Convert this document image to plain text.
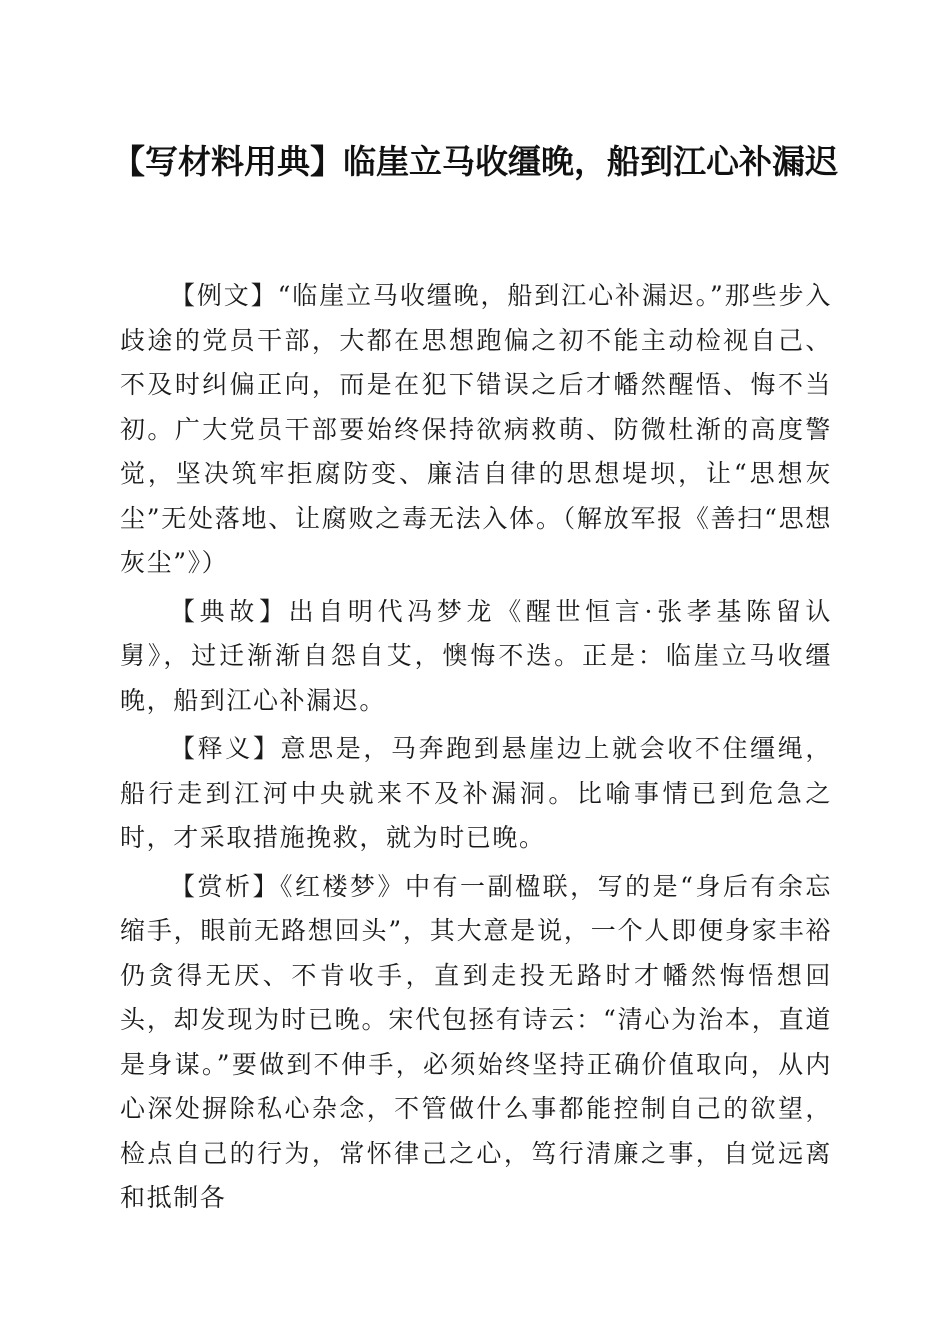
【写材料用典】临崖立马收缰晚，船到江心补漏迟

【例文】“临崖立马收缰晚，船到江心补漏迟。”那些步入歧途的党员干部，大都在思想跑偏之初不能主动检视自己、不及时纠偏正向，而是在犯下错误之后才幡然醒悟、悔不当初。广大党员干部要始终保持欲病救萌、防微杜渐的高度警觉，坚决筑牢拒腐防变、廉洁自律的思想堤坝，让“思想灰尘”无处落地、让腐败之毒无法入体。（解放军报《善扫“思想灰尘”》）

【典故】出自明代冯梦龙《醒世恒言·张孝基陈留认舅》，过迁渐渐自怨自艾，懊悔不迭。正是：临崖立马收缰晚，船到江心补漏迟。

【释义】意思是，马奔跑到悬崖边上就会收不住缰绳，船行走到江河中央就来不及补漏洞。比喻事情已到危急之时，才采取措施挽救，就为时已晚。

【赏析】《红楼梦》中有一副楹联，写的是“身后有余忘缩手，眼前无路想回头”，其大意是说，一个人即便身家丰裕仍贪得无厌、不肯收手，直到走投无路时才幡然悔悟想回头，却发现为时已晚。宋代包拯有诗云：“清心为治本，直道是身谋。”要做到不伸手，必须始终坚持正确价值取向，从内心深处摒除私心杂念，不管做什么事都能控制自己的欲望，检点自己的行为，常怀律己之心，笃行清廉之事，自觉远离和抵制各
